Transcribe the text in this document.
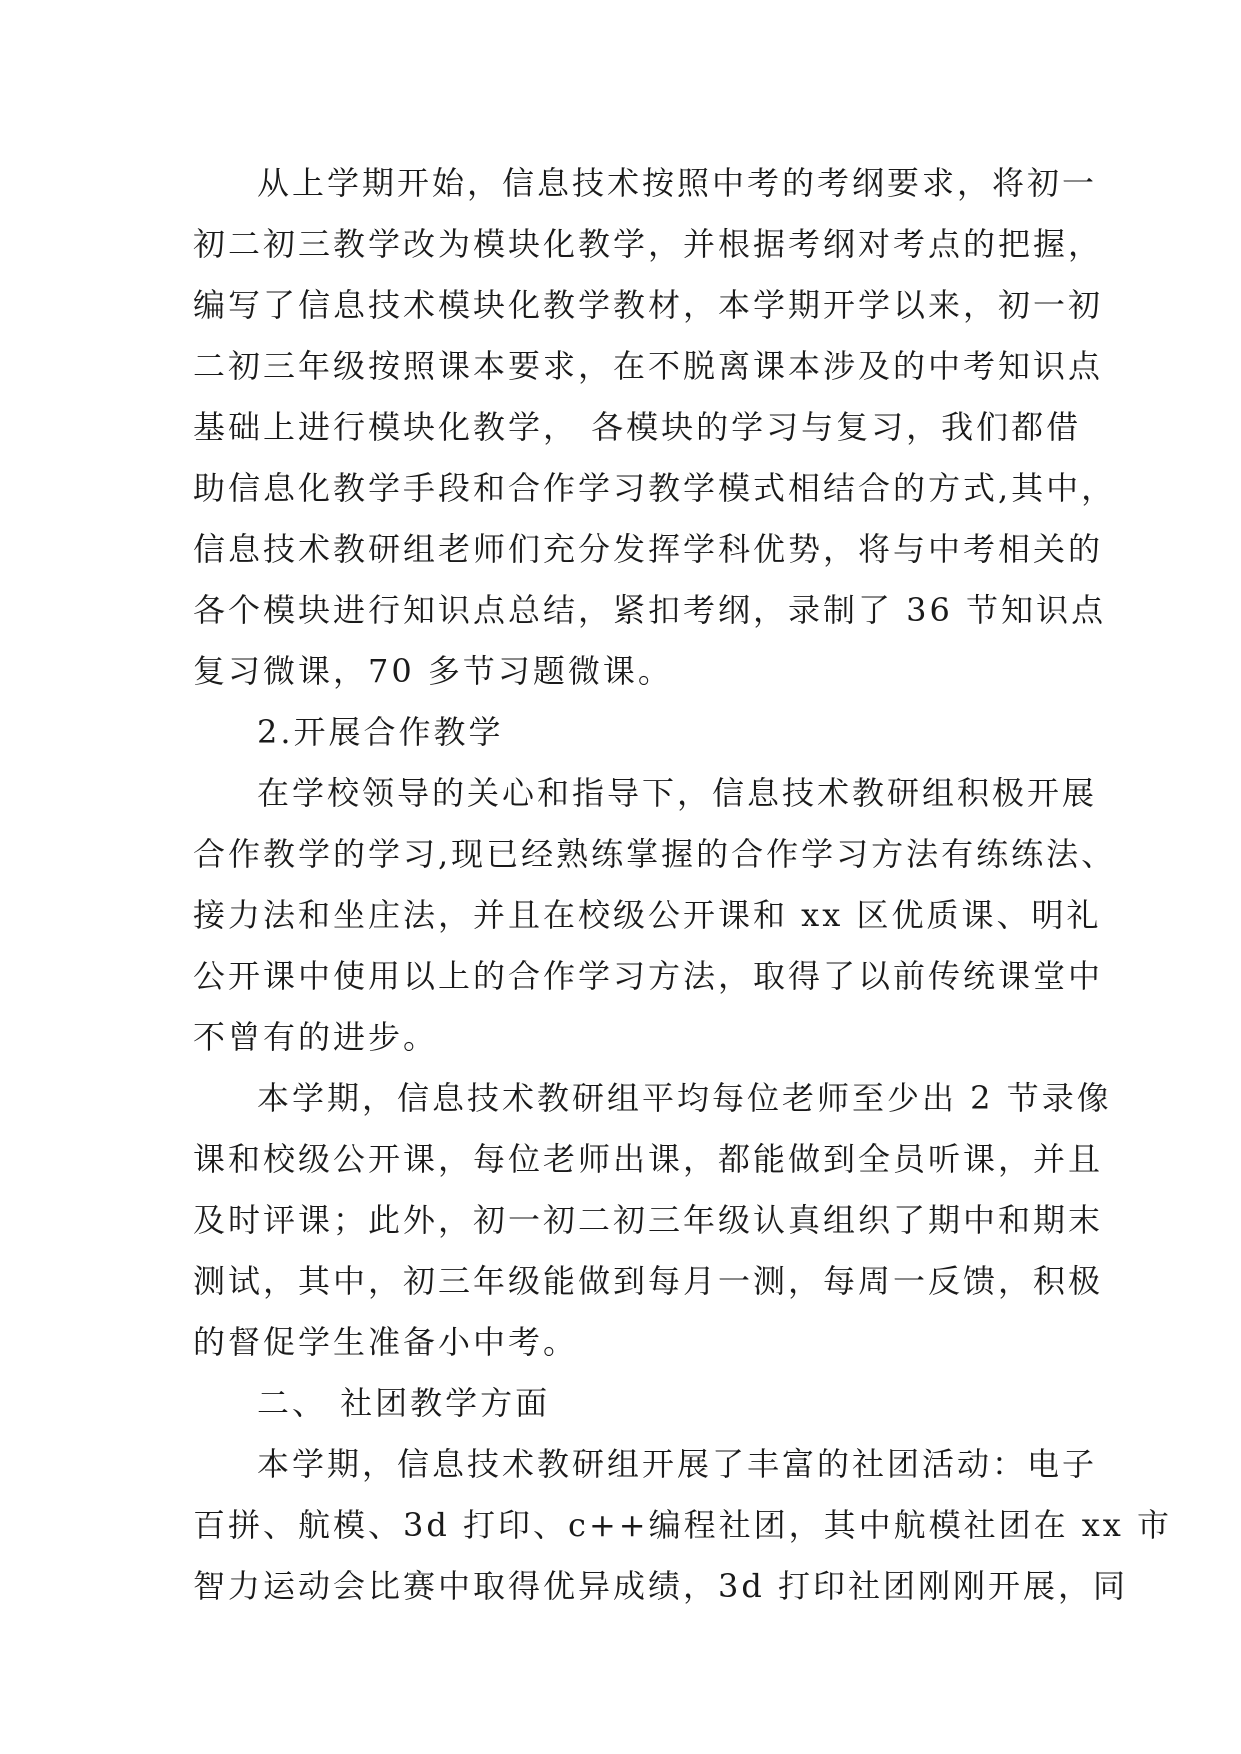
从上学期开始，信息技术按照中考的考纲要求，将初一
初二初三教学改为模块化教学，并根据考纲对考点的把握，
编写了信息技术模块化教学教材，本学期开学以来，初一初
二初三年级按照课本要求，在不脱离课本涉及的中考知识点
基础上进行模块化教学， 各模块的学习与复习，我们都借
助信息化教学手段和合作学习教学模式相结合的方式,其中，
信息技术教研组老师们充分发挥学科优势，将与中考相关的
各个模块进行知识点总结，紧扣考纲，录制了 36 节知识点
复习微课，70 多节习题微课。
2.开展合作教学
在学校领导的关心和指导下，信息技术教研组积极开展
合作教学的学习,现已经熟练掌握的合作学习方法有练练法、
接力法和坐庄法，并且在校级公开课和 xx 区优质课、明礼
公开课中使用以上的合作学习方法，取得了以前传统课堂中
不曾有的进步。
本学期，信息技术教研组平均每位老师至少出 2 节录像
课和校级公开课，每位老师出课，都能做到全员听课，并且
及时评课；此外，初一初二初三年级认真组织了期中和期末
测试，其中，初三年级能做到每月一测，每周一反馈，积极
的督促学生准备小中考。
二、 社团教学方面
本学期，信息技术教研组开展了丰富的社团活动：电子
百拼、航模、3d 打印、c++编程社团，其中航模社团在 xx 市
智力运动会比赛中取得优异成绩，3d 打印社团刚刚开展，同
